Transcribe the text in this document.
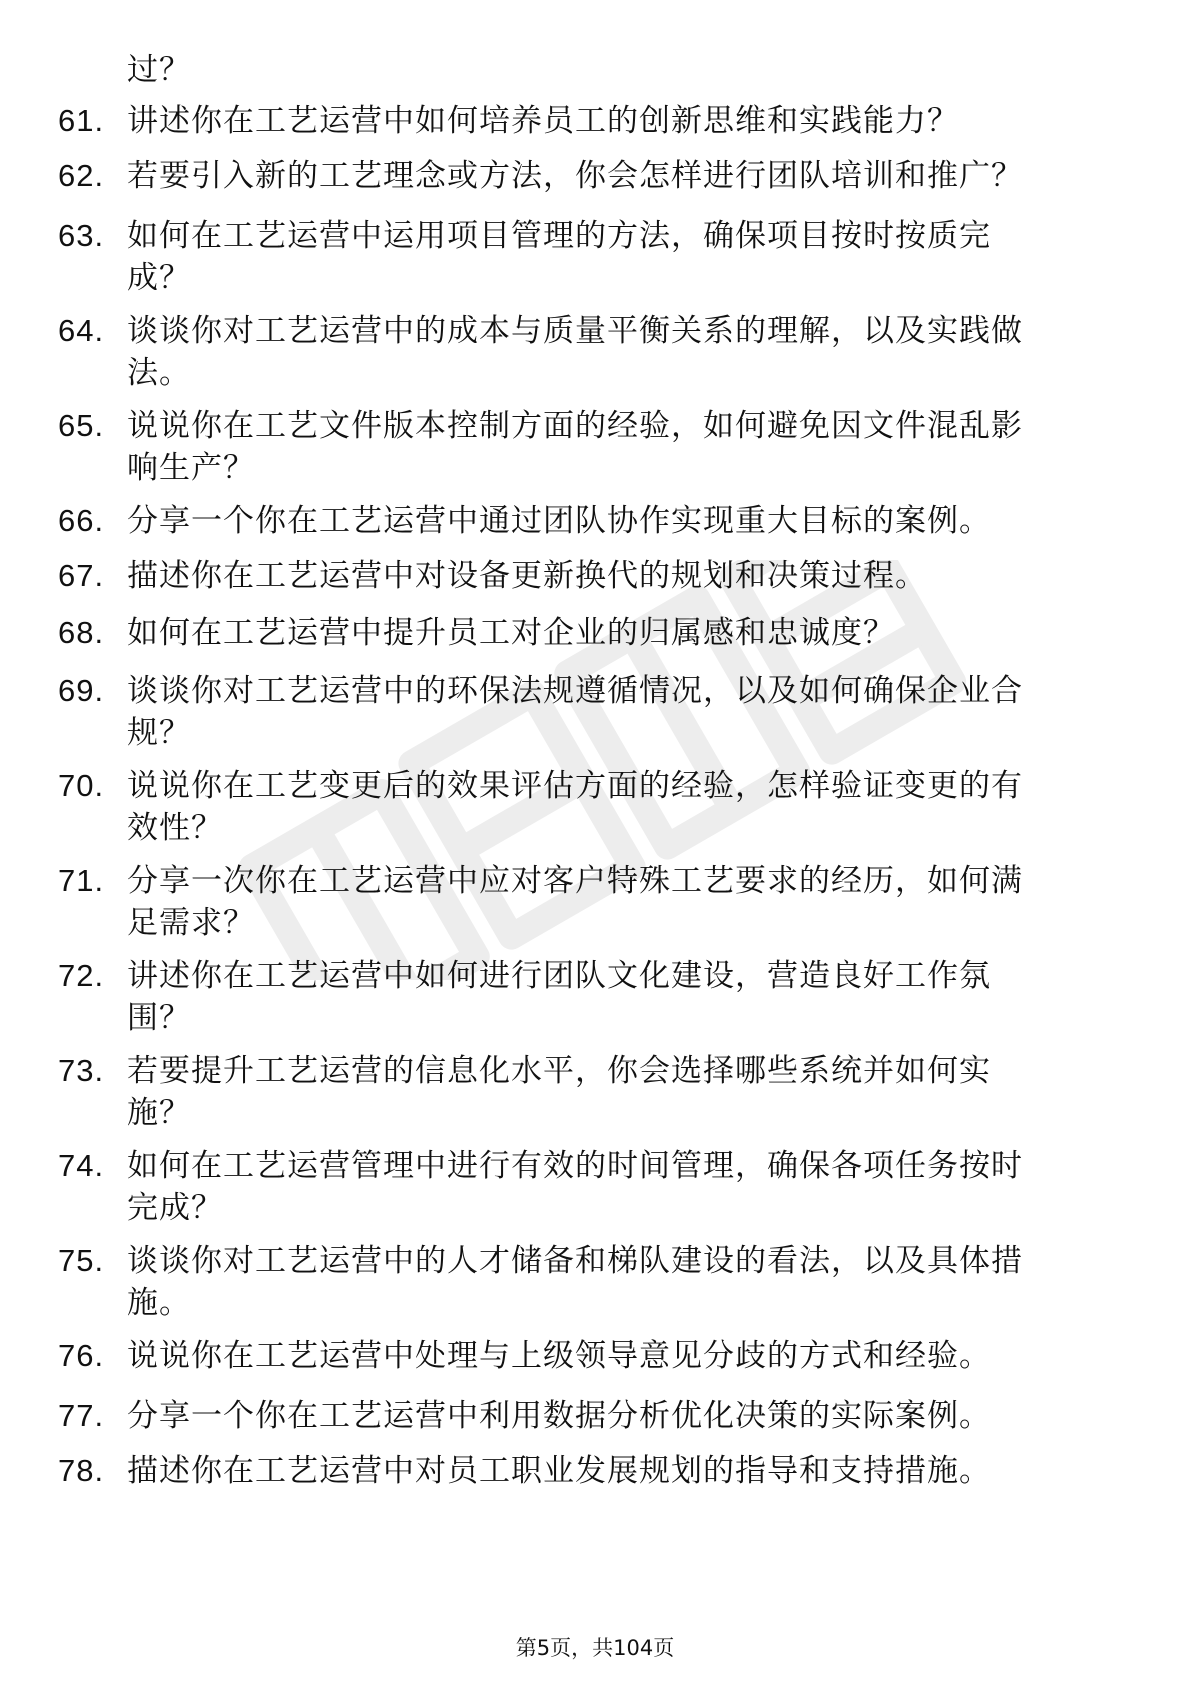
过？
61. 讲述你在工艺运营中如何培养员工的创新思维和实践能力？
62. 若要引入新的工艺理念或方法，你会怎样进行团队培训和推广？
63. 如何在工艺运营中运用项目管理的方法，确保项目按时按质完
成？
64. 谈谈你对工艺运营中的成本与质量平衡关系的理解，以及实践做
法。
65. 说说你在工艺文件版本控制方面的经验，如何避免因文件混乱影
响生产？
66. 分享一个你在工艺运营中通过团队协作实现重大目标的案例。
67. 描述你在工艺运营中对设备更新换代的规划和决策过程。
68. 如何在工艺运营中提升员工对企业的归属感和忠诚度？
69. 谈谈你对工艺运营中的环保法规遵循情况，以及如何确保企业合
规？
70. 说说你在工艺变更后的效果评估方面的经验，怎样验证变更的有
效性？
71. 分享一次你在工艺运营中应对客户特殊工艺要求的经历，如何满
足需求？
72. 讲述你在工艺运营中如何进行团队文化建设，营造良好工作氛
围？
73. 若要提升工艺运营的信息化水平，你会选择哪些系统并如何实
施？
74. 如何在工艺运营管理中进行有效的时间管理，确保各项任务按时
完成？
75. 谈谈你对工艺运营中的人才储备和梯队建设的看法，以及具体措
施。
76. 说说你在工艺运营中处理与上级领导意见分歧的方式和经验。
77. 分享一个你在工艺运营中利用数据分析优化决策的实际案例。
78. 描述你在工艺运营中对员工职业发展规划的指导和支持措施。
第5页，共104页
